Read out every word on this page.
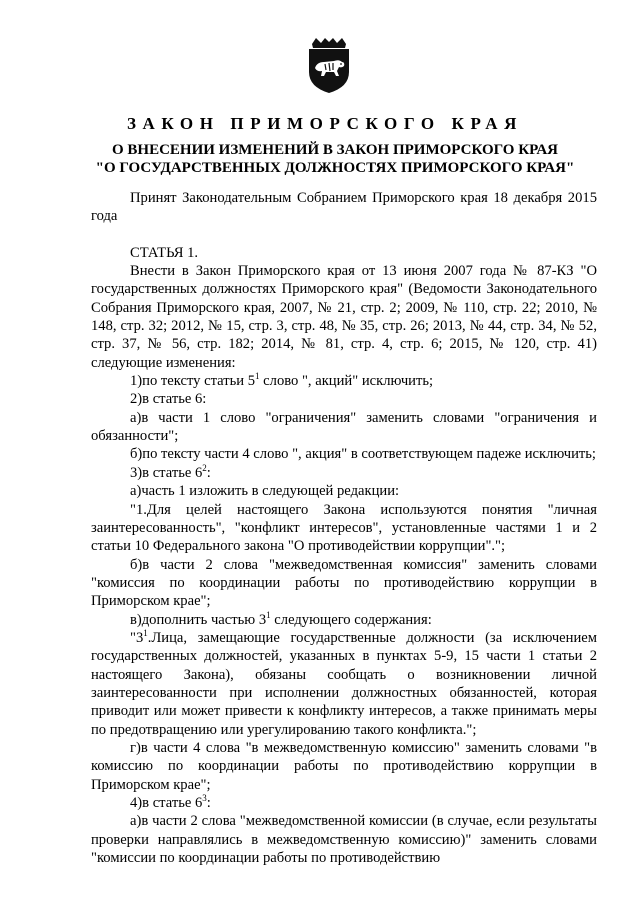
ЗАКОН ПРИМОРСКОГО КРАЯ
О ВНЕСЕНИИ ИЗМЕНЕНИЙ В ЗАКОН ПРИМОРСКОГО КРАЯ
"О ГОСУДАРСТВЕННЫХ ДОЛЖНОСТЯХ ПРИМОРСКОГО КРАЯ"

Принят Законодательным Собранием Приморского края 18 декабря 2015 года

СТАТЬЯ 1.

Внести в Закон Приморского края от 13 июня 2007 года № 87-КЗ "О государственных должностях Приморского края" (Ведомости Законодательного Собрания Приморского края, 2007, № 21, стр. 2; 2009, № 110, стр. 22; 2010, № 148, стр. 32; 2012, № 15, стр. 3, стр. 48, № 35, стр. 26; 2013, № 44, стр. 34, № 52, стр. 37, № 56, стр. 182; 2014, № 81, стр. 4, стр. 6; 2015, № 120, стр. 41) следующие изменения:

1)по тексту статьи $5^1$ слово ", акций" исключить;

2)в статье 6:

а)в части 1 слово "ограничения" заменить словами "ограничения и обязанности";

б)по тексту части 4 слово ", акция" в соответствующем падеже исключить;

3)в статье $6^2$:

а)часть 1 изложить в следующей редакции:

"1.Для целей настоящего Закона используются понятия "личная заинтересованность", "конфликт интересов", установленные частями 1 и 2 статьи 10 Федерального закона "О противодействии коррупции".";

б)в части 2 слова "межведомственная комиссия" заменить словами "комиссия по координации работы по противодействию коррупции в Приморском крае";

в)дополнить частью $3^1$ следующего содержания:

"$3^1.Лица$, замещающие государственные должности (за исключением государственных должностей, указанных в пунктах 5-9, 15 части 1 статьи 2 настоящего Закона), обязаны сообщать о возникновении личной заинтересованности при исполнении должностных обязанностей, которая приводит или может привести к конфликту интересов, а также принимать меры по предотвращению или урегулированию такого конфликта.";

г)в части 4 слова "в межведомственную комиссию" заменить словами "в комиссию по координации работы по противодействию коррупции в Приморском крае";

4)в статье $6^3$:

а)в части 2 слова "межведомственной комиссии (в случае, если результаты проверки направлялись в межведомственную комиссию)" заменить словами "комиссии по координации работы по противодействию
